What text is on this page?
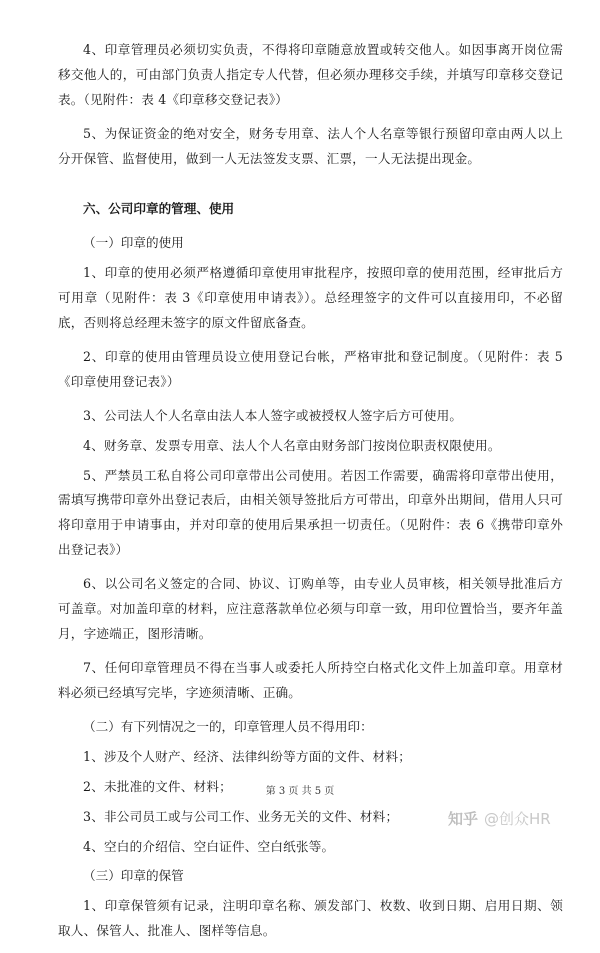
4、印章管理员必须切实负责，不得将印章随意放置或转交他人。如因事离开岗位需移交他人的，可由部门负责人指定专人代替，但必须办理移交手续，并填写印章移交登记表。（见附件：表 4《印章移交登记表》）

5、为保证资金的绝对安全，财务专用章、法人个人名章等银行预留印章由两人以上分开保管、监督使用，做到一人无法签发支票、汇票，一人无法提出现金。

六、公司印章的管理、使用

（一）印章的使用

1、印章的使用必须严格遵循印章使用审批程序，按照印章的使用范围，经审批后方可用章（见附件：表 3《印章使用申请表》）。总经理签字的文件可以直接用印，不必留底，否则将总经理未签字的原文件留底备查。

2、印章的使用由管理员设立使用登记台帐，严格审批和登记制度。（见附件：表 5《印章使用登记表》）

3、公司法人个人名章由法人本人签字或被授权人签字后方可使用。

4、财务章、发票专用章、法人个人名章由财务部门按岗位职责权限使用。

5、严禁员工私自将公司印章带出公司使用。若因工作需要，确需将印章带出使用，需填写携带印章外出登记表后，由相关领导签批后方可带出，印章外出期间，借用人只可将印章用于申请事由，并对印章的使用后果承担一切责任。（见附件：表 6《携带印章外出登记表》）

6、以公司名义签定的合同、协议、订购单等，由专业人员审核，相关领导批准后方可盖章。对加盖印章的材料，应注意落款单位必须与印章一致，用印位置恰当，要齐年盖月，字迹端正，图形清晰。

7、任何印章管理员不得在当事人或委托人所持空白格式化文件上加盖印章。用章材料必须已经填写完毕，字迹须清晰、正确。

（二）有下列情况之一的，印章管理人员不得用印：

1、涉及个人财产、经济、法律纠纷等方面的文件、材料；

2、未批准的文件、材料；

3、非公司员工或与公司工作、业务无关的文件、材料；

4、空白的介绍信、空白证件、空白纸张等。

（三）印章的保管

1、印章保管须有记录，注明印章名称、颁发部门、枚数、收到日期、启用日期、领取人、保管人、批准人、图样等信息。

第 3 页 共 5 页
知乎 @创众HR
